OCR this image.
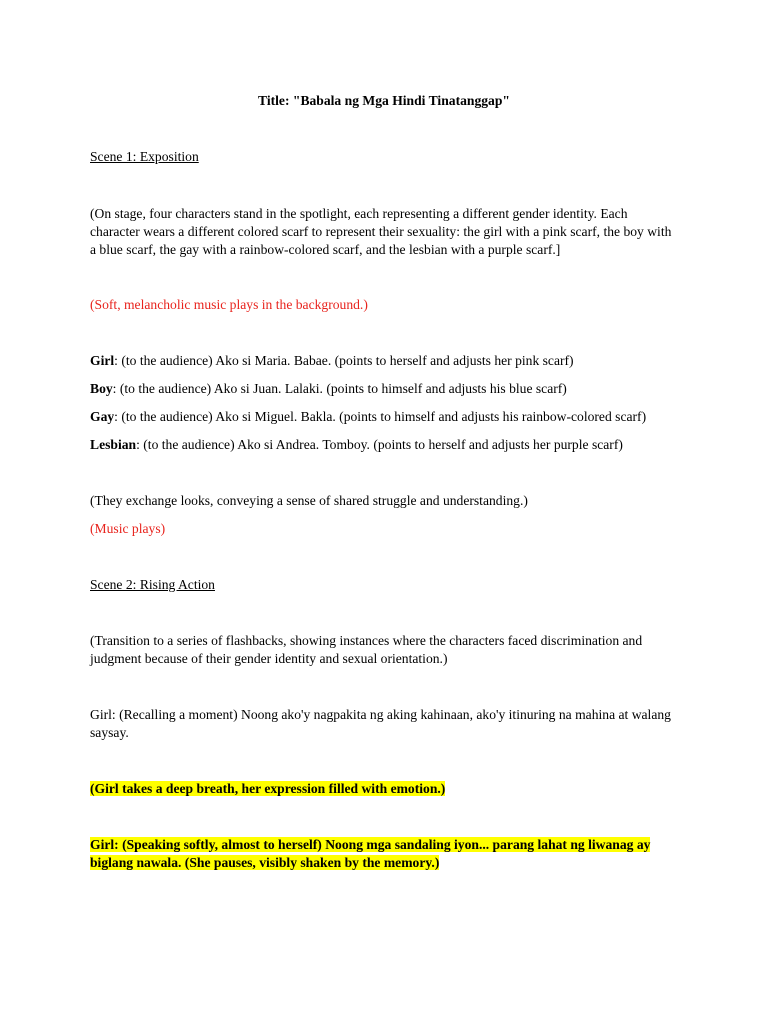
Title: "Babala ng Mga Hindi Tinatanggap"

Scene 1: Exposition

(On stage, four characters stand in the spotlight, each representing a different gender identity. Each character wears a different colored scarf to represent their sexuality: the girl with a pink scarf, the boy with a blue scarf, the gay with a rainbow-colored scarf, and the lesbian with a purple scarf.]

(Soft, melancholic music plays in the background.)

Girl: (to the audience) Ako si Maria. Babae. (points to herself and adjusts her pink scarf)

Boy: (to the audience) Ako si Juan. Lalaki. (points to himself and adjusts his blue scarf)

Gay: (to the audience) Ako si Miguel. Bakla. (points to himself and adjusts his rainbow-colored scarf)

Lesbian: (to the audience) Ako si Andrea. Tomboy. (points to herself and adjusts her purple scarf)

(They exchange looks, conveying a sense of shared struggle and understanding.)

(Music plays)

Scene 2: Rising Action

(Transition to a series of flashbacks, showing instances where the characters faced discrimination and judgment because of their gender identity and sexual orientation.)

Girl: (Recalling a moment) Noong ako'y nagpakita ng aking kahinaan, ako'y itinuring na mahina at walang saysay.

(Girl takes a deep breath, her expression filled with emotion.)

Girl: (Speaking softly, almost to herself) Noong mga sandaling iyon... parang lahat ng liwanag ay biglang nawala. (She pauses, visibly shaken by the memory.)
